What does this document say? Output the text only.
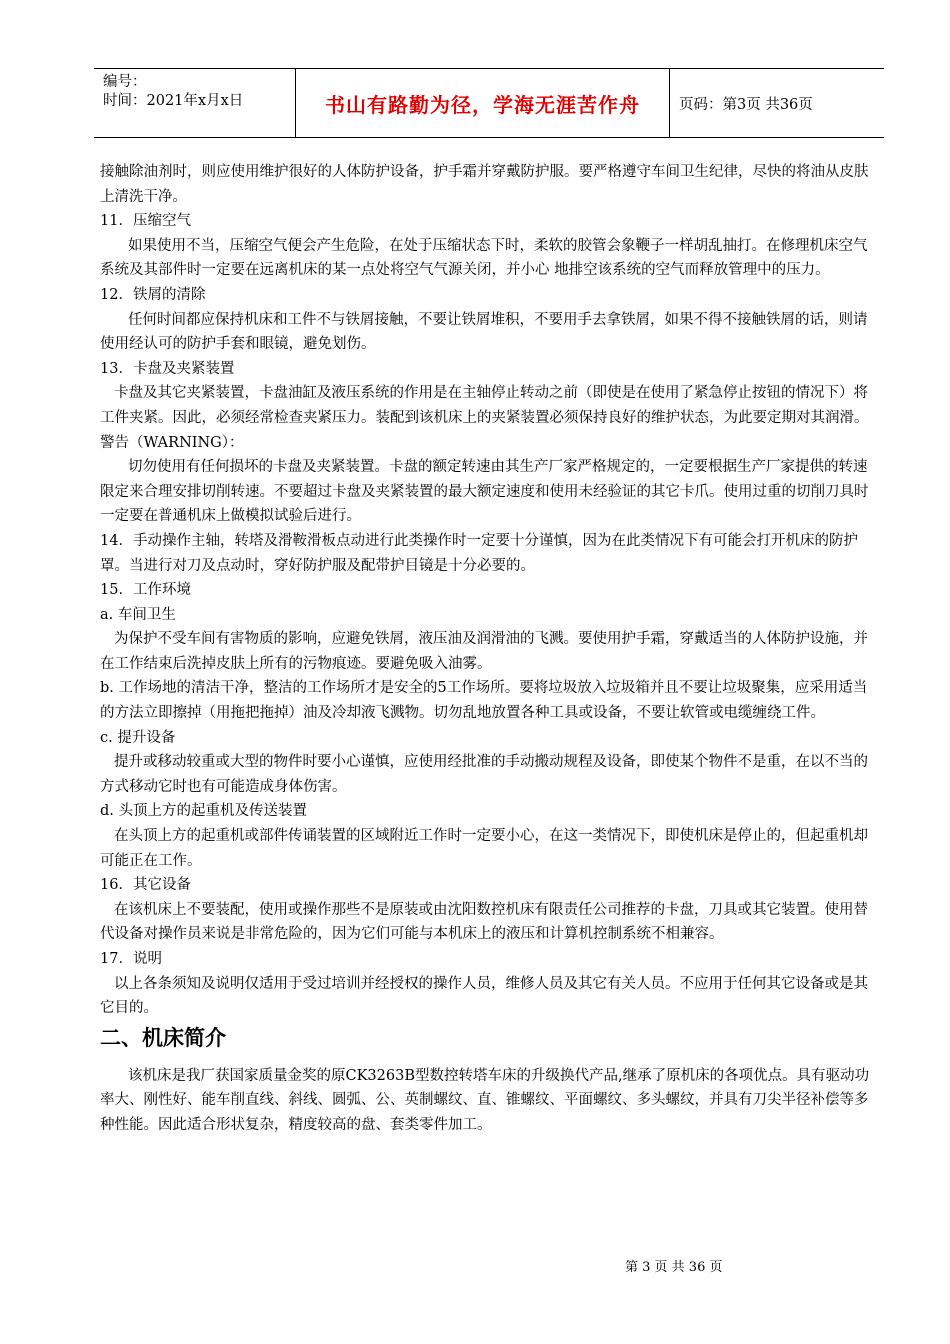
编号：
时间：2021年x月x日	书山有路勤为径，学海无涯苦作舟	页码：第3页 共36页

接触除油剂时，则应使用维护很好的人体防护设备，护手霜并穿戴防护服。要严格遵守车间卫生纪律，尽快的将油从皮肤上清洗干净。

11．压缩空气

如果使用不当，压缩空气便会产生危险，在处于压缩状态下时，柔软的胶管会象鞭子一样胡乱抽打。在修理机床空气系统及其部件时一定要在远离机床的某一点处将空气气源关闭，并小心 地排空该系统的空气而释放管理中的压力。

12．铁屑的清除

任何时间都应保持机床和工件不与铁屑接触，不要让铁屑堆积，不要用手去拿铁屑，如果不得不接触铁屑的话，则请使用经认可的防护手套和眼镜，避免划伤。

13．卡盘及夹紧装置

卡盘及其它夹紧装置，卡盘油缸及液压系统的作用是在主轴停止转动之前（即使是在使用了紧急停止按钮的情况下）将工件夹紧。因此，必须经常检查夹紧压力。装配到该机床上的夹紧装置必须保持良好的维护状态，为此要定期对其润滑。

警告（WARNING）：

切勿使用有任何损坏的卡盘及夹紧装置。卡盘的额定转速由其生产厂家严格规定的，一定要根据生产厂家提供的转速限定来合理安排切削转速。不要超过卡盘及夹紧装置的最大额定速度和使用未经验证的其它卡爪。使用过重的切削刀具时一定要在普通机床上做模拟试验后进行。

14．手动操作主轴，转塔及滑鞍滑板点动进行此类操作时一定要十分谨慎，因为在此类情况下有可能会打开机床的防护罩。当进行对刀及点动时，穿好防护服及配带护目镜是十分必要的。

15．工作环境

a. 车间卫生

为保护不受车间有害物质的影响，应避免铁屑，液压油及润滑油的飞溅。要使用护手霜，穿戴适当的人体防护设施，并在工作结束后洗掉皮肤上所有的污物痕迹。要避免吸入油雾。

b. 工作场地的清洁干净，整洁的工作场所才是安全的5工作场所。要将垃圾放入垃圾箱并且不要让垃圾聚集，应采用适当的方法立即擦掉（用拖把拖掉）油及冷却液飞溅物。切勿乱地放置各种工具或设备，不要让软管或电缆缠绕工件。

c. 提升设备

提升或移动较重或大型的物件时要小心谨慎，应使用经批准的手动搬动规程及设备，即使某个物件不是重，在以不当的方式移动它时也有可能造成身体伤害。

d. 头顶上方的起重机及传送装置

在头顶上方的起重机或部件传诵装置的区域附近工作时一定要小心，在这一类情况下，即使机床是停止的，但起重机却可能正在工作。

16．其它设备

在该机床上不要装配，使用或操作那些不是原装或由沈阳数控机床有限责任公司推荐的卡盘，刀具或其它装置。使用替代设备对操作员来说是非常危险的，因为它们可能与本机床上的液压和计算机控制系统不相兼容。

17．说明

以上各条须知及说明仅适用于受过培训并经授权的操作人员，维修人员及其它有关人员。不应用于任何其它设备或是其它目的。

二、机床简介

该机床是我厂获国家质量金奖的原CK3263B型数控转塔车床的升级换代产品,继承了原机床的各项优点。具有驱动功率大、刚性好、能车削直线、斜线、圆弧、公、英制螺纹、直、锥螺纹、平面螺纹、多头螺纹，并具有刀尖半径补偿等多种性能。因此适合形状复杂，精度较高的盘、套类零件加工。

第 3 页 共 36 页
